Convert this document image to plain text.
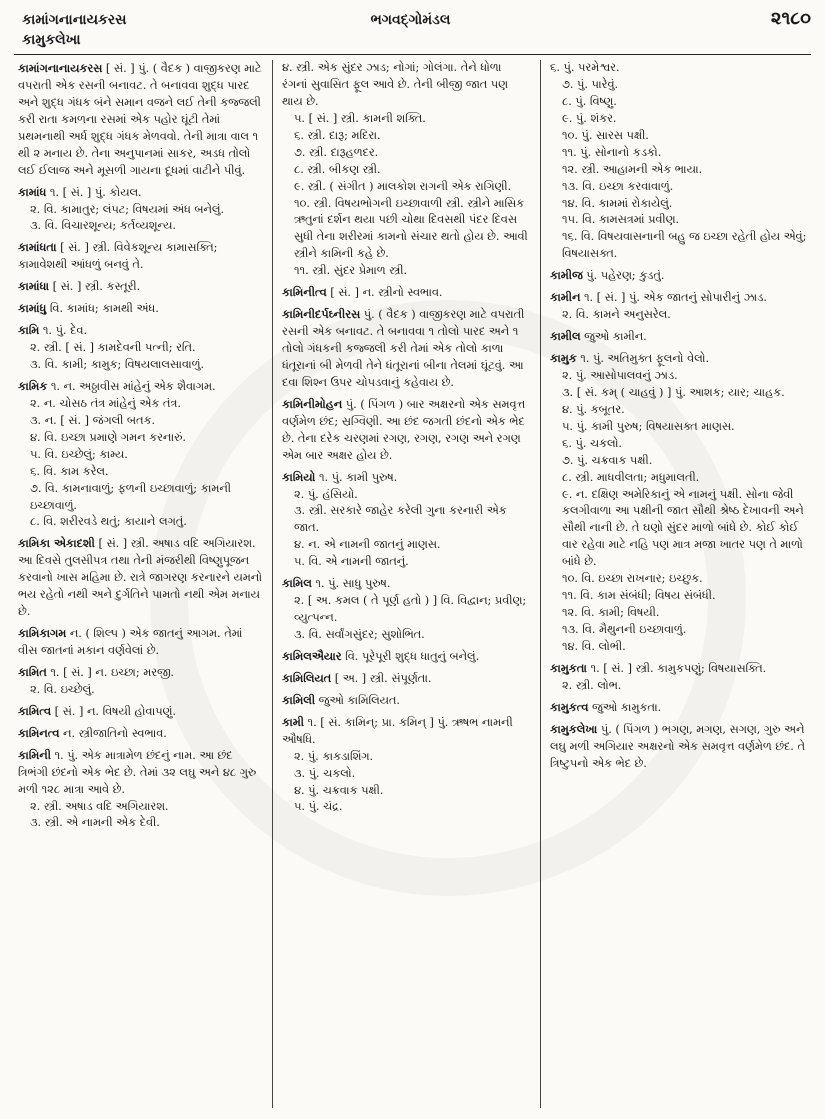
કામાંગનાનાયકરસ
કામુકલેખા
ભગવદ્ગોમંડલ	૨૧૮૦
કામાંગનાનાયકરસ [ સં. ] પું. ( વૈદક ) વાજીકરણ માટે વપરાતી એક રસની બનાવટ. તે બનાવવા શુદ્ધ પારદ અને શુદ્ધ ગંધક બંને સમાન વજને લઈ તેની કજ્જલી કરી રાતા કમળના રસમાં એક પહોર ઘૂંટી તેમાં પ્રથમનાથી અર્ધ શુદ્ધ ગંધક મેળવવો. તેની માત્રા વાલ ૧ થી ૨ મનાય છે. તેના અનુપાનમાં સાકર, અડધ તોલો લઈ ઈલાજ અને મૂસળી ગાયના દૂધમાં વાટીને પીવું.
કામાંધ ૧. [ સં. ] પું. કોયલ.
૨. વિ. કામાતુર; લંપટ; વિષયમાં અંધ બનેલું.
૩. વિ. વિચારશૂન્ય; કર્તવ્યશૂન્ય.
કામાંધતા [ સં. ] સ્ત્રી. વિવેકશૂન્ય કામાસક્તિ; કામાવેશથી આંધળું બનવું તે.
કામાંધા [ સં. ] સ્ત્રી. કસ્તૂરી.
કામાંધુ વિ. કામાંધ; કામથી અંધ.
કામિ ૧. પું. દેવ.
૨. સ્ત્રી. [ સં. ] કામદેવની પત્ની; રતિ.
૩. વિ. કામી; કામુક; વિષયલાલસાવાળું.
કામિક ૧. ન. અઠ્ઠાવીસ માંહેનું એક શૈવાગમ.
૨. ન. ચોસઠ તંત્ર માંહેનું એક તંત્ર.
૩. ન. [ સં. ] જંગલી બતક.
૪. વિ. ઇચ્છા પ્રમાણે ગમન કરનારું.
૫. વિ. ઇચ્છેલું; કામ્ય.
૬. વિ. કામ કરેલ.
૭. વિ. કામનાવાળું; ફળની ઇચ્છાવાળું; કામની ઇચ્છાવાળું.
૮. વિ. શરીરવડે થતું; કાયાને લગતું.
કામિકા એકાદશી [ સં. ] સ્ત્રી. અષાડ વદિ અગિયારશ. આ દિવસે તુલસીપત્ર તથા તેની મંજરીથી વિષ્ણુપૂજન કરવાનો ખાસ મહિમા છે. રાત્રે જાગરણ કરનારને યમનો ભય રહેતો નથી અને દુર્ગતિને પામતો નથી એમ મનાય છે.
કામિકાગમ ન. ( શિલ્પ ) એક જાતનું આગમ. તેમાં વીસ જાતનાં મકાન વર્ણવેલાં છે.
કામિત ૧. [ સં. ] ન. ઇચ્છા; મરજી.
૨. વિ. ઇચ્છેલું.
કામિત્વ [ સં. ] ન. વિષયી હોવાપણું.
કામિનત્વ ન. સ્ત્રીજાતિનો સ્વભાવ.
કામિની ૧. પું. એક માત્રામેળ છંદનું નામ. આ છંદ ત્રિભંગી છંદનો એક ભેદ છે. તેમાં ૩૨ લઘુ અને ૪૮ ગુરુ મળી ૧૨૮ માત્રા આવે છે.
૨. સ્ત્રી. અષાડ વદિ અગિયારશ.
૩. સ્ત્રી. એ નામની એક દેવી.
૪. સ્ત્રી. એક સુંદર ઝાડ; નોગાં; ગોલંગા. તેને ધોળા રંગનાં સુવાસિત ફૂલ આવે છે. તેની બીજી જાત પણ થાય છે.
૫. [ સં. ] સ્ત્રી. કામની શક્તિ.
૬. સ્ત્રી. દારૂ; મદિરા.
૭. સ્ત્રી. દારૂહળદર.
૮. સ્ત્રી. બીકણ સ્ત્રી.
૯. સ્ત્રી. ( સંગીત ) માલકોશ રાગની એક રાગિણી.
૧૦. સ્ત્રી. વિષયભોગની ઇચ્છાવાળી સ્ત્રી. સ્ત્રીને માસિક ઋતુનાં દર્શન થયા પછી ચોથા દિવસથી પંદર દિવસ સુધી તેના શરીરમાં કામનો સંચાર થતો હોય છે. આવી સ્ત્રીને કામિની કહે છે.
૧૧. સ્ત્રી. સુંદર પ્રેમાળ સ્ત્રી.
કામિનીત્વ [ સં. ] ન. સ્ત્રીનો સ્વભાવ.
કામિનીદર્પઘ્નીરસ પું. ( વૈદક ) વાજીકરણ માટે વપરાતી રસની એક બનાવટ. તે બનાવવા ૧ તોલો પારદ અને ૧ તોલો ગંધકની કજ્જલી કરી તેમાં એક તોલો કાળા ધંતૂરાનાં બી મેળવી તેને ધંતૂરાનાં બીના તેલમાં ઘૂંટવું. આ દવા શિશ્ન ઉપર ચોપડવાનું કહેવાય છે.
કામિનીમોહન પું. ( પિંગળ ) બાર અક્ષરનો એક સમવૃત્ત વર્ણમેળ છંદ; સ્રગ્વિણી. આ છંદ જગતી છંદનો એક ભેદ છે. તેના દરેક ચરણમાં રગણ, રગણ, રગણ અને રગણ એમ બાર અક્ષર હોય છે.
કામિયો ૧. પું. કામી પુરુષ.
૨. પું. હંસિયો.
૩. સ્ત્રી. સરકારે જાહેર કરેલી ગુના કરનારી એક જાત.
૪. ન. એ નામની જાતનું માણસ.
૫. વિ. એ નામની જાતનું.
કામિલ ૧. પું. સાધુ પુરુષ.
૨. [ અ. કમલ ( તે પૂર્ણ હતો ) ] વિ. વિદ્વાન; પ્રવીણ; વ્યુત્પન્ન.
૩. વિ. સર્વાંગસુંદર; સુશોભિત.
કામિલઐયાર વિ. પૂરેપૂરી શુદ્ધ ધાતુનું બનેલું.
કામિલિયત [ અ. ] સ્ત્રી. સંપૂર્ણતા.
કામિલી જુઓ કામિલિયત.
કામી ૧. [ સં. કામિન્; પ્રા. કમિન્ ] પું. ઋષભ નામની ઔષધિ.
૨. પું. કાકડાશિંગ.
૩. પું. ચકલો.
૪. પું. ચક્રવાક પક્ષી.
૫. પું. ચંદ્ર.
૬. પું. પરમેશ્વર.
૭. પું. પારેવું.
૮. પું. વિષ્ણુ.
૯. પું. શંકર.
૧૦. પું. સારસ પક્ષી.
૧૧. પું. સોનાનો કડકો.
૧૨. સ્ત્રી. આહામની એક ભાયા.
૧૩. વિ. ઇચ્છા કરવાવાળું.
૧૪. વિ. કામમાં રોકાયેલું.
૧૫. વિ. કામસત્રમાં પ્રવીણ.
૧૬. વિ. વિષયવાસનાની બહુ જ ઇચ્છા રહેતી હોય એવું; વિષયાસક્ત.
કામીજ પું. પહેરણ; કુડતું.
કામીન ૧. [ સં. ] પું. એક જાતનું સોપારીનું ઝાડ.
૨. વિ. કામને અનુસરેલ.
કામીલ જુઓ કામીન.
કામુક ૧. પું. અતિમુક્ત ફૂલનો વેલો.
૨. પું. આસોપાલવનું ઝાડ.
૩. [ સં. કમ્ ( ચાહવું ) ] પું. આશક; યાર; ચાહક.
૪. પું. કબૂતર.
૫. પું. કામી પુરુષ; વિષયાસક્ત માણસ.
૬. પું. ચકલો.
૭. પું. ચક્રવાક પક્ષી.
૮. સ્ત્રી. માધવીલતા; મધુમાલતી.
૯. ન. દક્ષિણ અમેરિકાનું એ નામનું પક્ષી. સોના જેવી કલગીવાળા આ પક્ષીની જાત સૌથી શ્રેષ્ઠ દેખાવની અને સૌથી નાની છે. તે ઘણો સુંદર માળો બાંધે છે. કોઈ કોઈ વાર રહેવા માટે નહિ પણ માત્ર મજા ખાતર પણ તે માળો બાંધે છે.
૧૦. વિ. ઇચ્છા રાખનાર; ઇચ્છુક.
૧૧. વિ. કામ સંબંધી; વિષય સંબંધી.
૧૨. વિ. કામી; વિષયી.
૧૩. વિ. મૈથુનની ઇચ્છાવાળું.
૧૪. વિ. લોભી.
કામુકતા ૧. [ સં. ] સ્ત્રી. કામુકપણું; વિષયાસક્તિ.
૨. સ્ત્રી. લોભ.
કામુકત્વ જુઓ કામુકતા.
કામુકલેખા પું. ( પિંગળ ) ભગણ, મગણ, સગણ, ગુરુ અને લઘુ મળી અગિયાર અક્ષરનો એક સમવૃત્ત વર્ણમેળ છંદ. તે ત્રિષ્ટુપનો એક ભેદ છે.
